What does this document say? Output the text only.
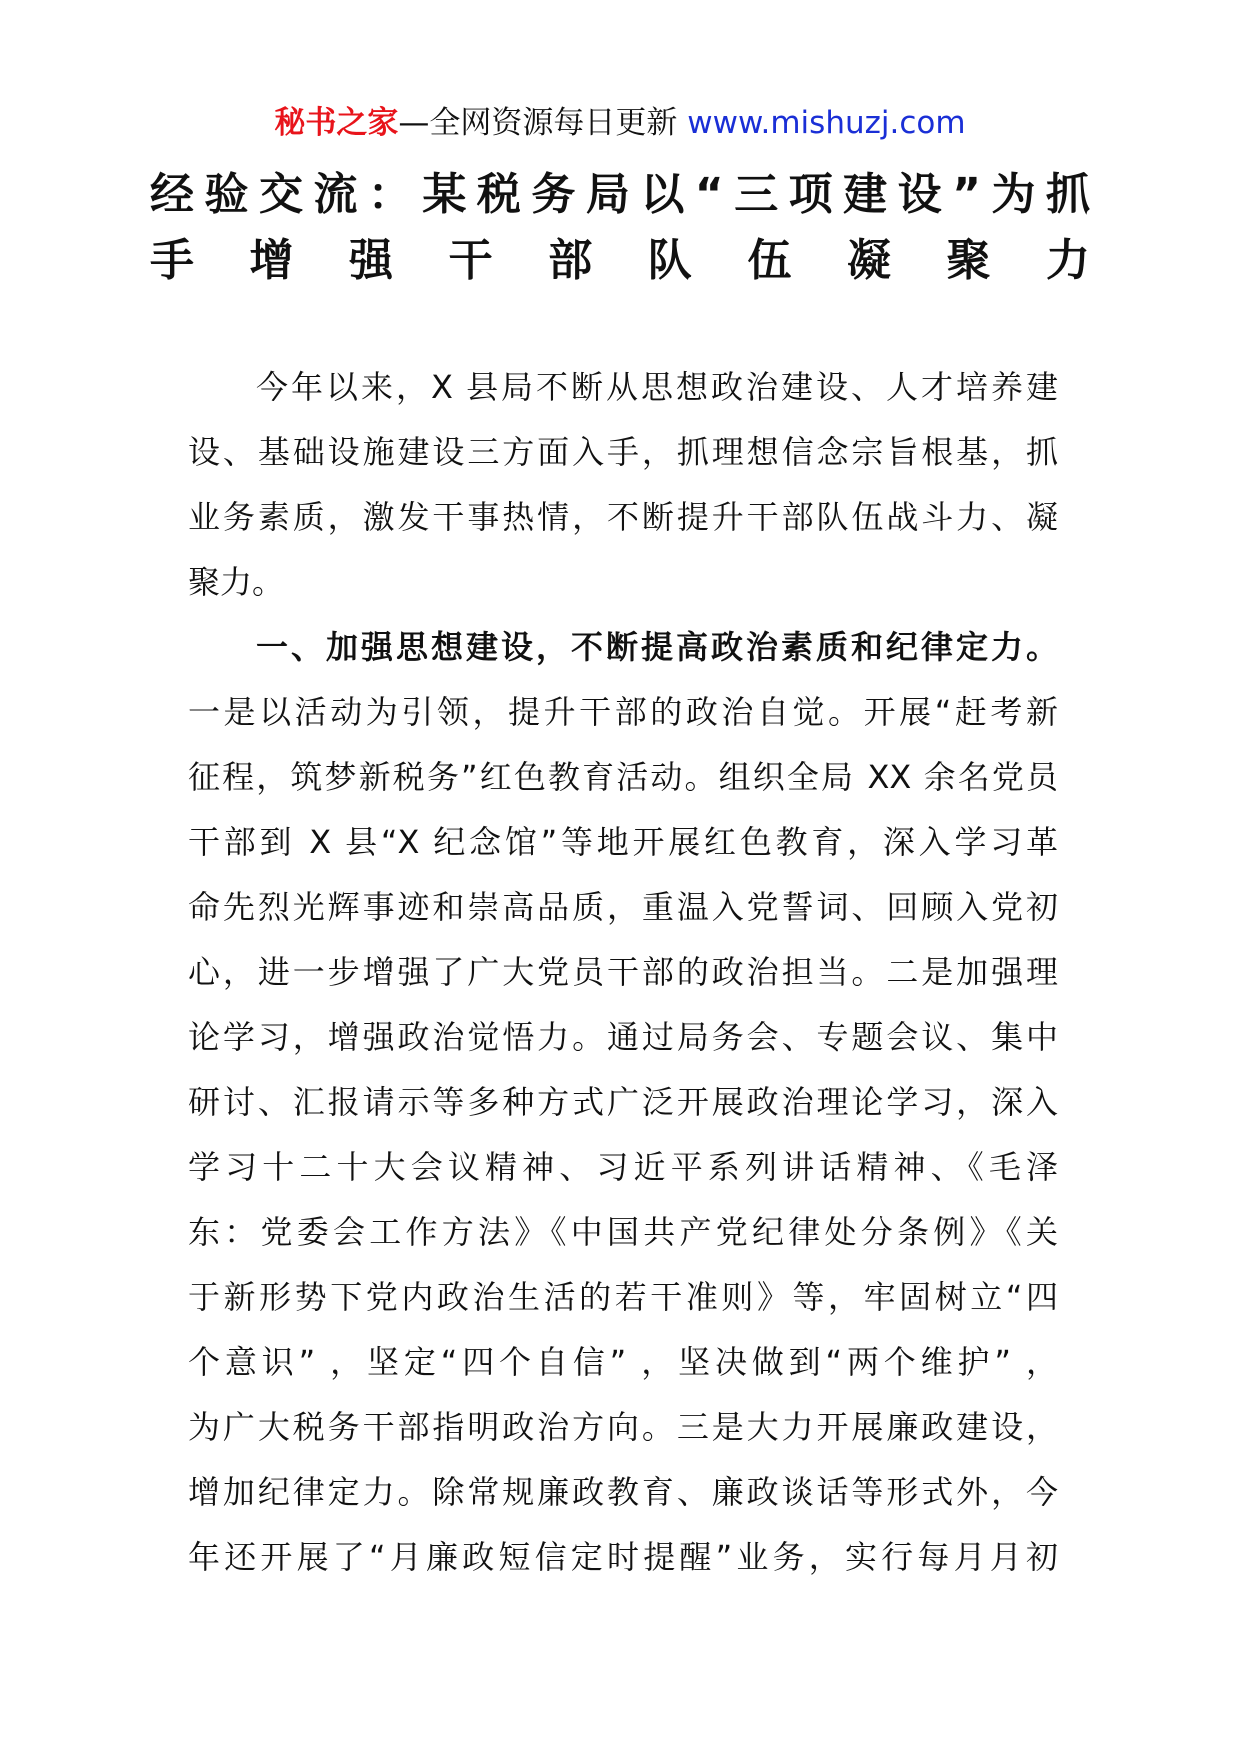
秘书之家—全网资源每日更新 www.mishuzj.com
经验交流：某税务局以“三项建设”为抓
手增强干部队伍凝聚力
今年以来，X 县局不断从思想政治建设、人才培养建
设、基础设施建设三方面入手，抓理想信念宗旨根基，抓
业务素质，激发干事热情，不断提升干部队伍战斗力、凝
聚力。
一、加强思想建设，不断提高政治素质和纪律定力。
一是以活动为引领，提升干部的政治自觉。开展“赶考新
征程，筑梦新税务”红色教育活动。组织全局 XX 余名党员
干部到 X 县“X 纪念馆”等地开展红色教育，深入学习革
命先烈光辉事迹和崇高品质，重温入党誓词、回顾入党初
心，进一步增强了广大党员干部的政治担当。二是加强理
论学习，增强政治觉悟力。通过局务会、专题会议、集中
研讨、汇报请示等多种方式广泛开展政治理论学习，深入
学习十二十大会议精神、习近平系列讲话精神、《毛泽
东：党委会工作方法》《中国共产党纪律处分条例》《关
于新形势下党内政治生活的若干准则》等，牢固树立“四
个意识” ，坚定“四个自信” ，坚决做到“两个维护” ，
为广大税务干部指明政治方向。三是大力开展廉政建设，
增加纪律定力。除常规廉政教育、廉政谈话等形式外，今
年还开展了“月廉政短信定时提醒”业务，实行每月月初
